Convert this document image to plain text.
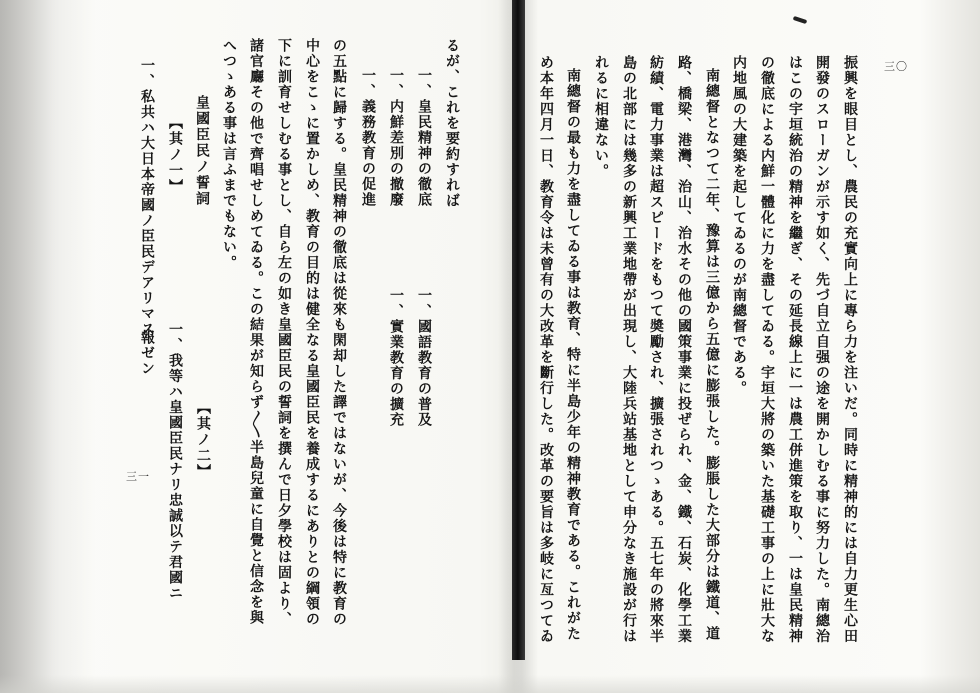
三〇
三一	振興を眼目とし、農民の充實向上に專ら力を注いだ。同時に精神的には自力更生心田
開發のスローガンが示す如く、先づ自立自强の途を開かしむる事に努力した。南總治
はこの宇垣統治の精神を繼ぎ、その延長線上に一は農工併進策を取り、一は皇民精神
の徹底による内鮮一體化に力を盡してゐる。宇垣大將の築いた基礎工事の上に壯大な
内地風の大建築を起してゐるのが南總督である。
南總督となつて二年、豫算は三億から五億に膨張した。膨脹した大部分は鐵道、道
路、橋梁、港灣、治山、治水その他の國策事業に投ぜられ、金、鐵、石炭、化學工業
紡績、電力事業は超スピードをもつて奬勵され、擴張されつゝある。五七年の將來半
島の北部には幾多の新興工業地帶が出現し、大陸兵站基地として申分なき施設が行は
れるに相違ない。
南總督の最も力を盡してゐる事は教育、特に半島少年の精神教育である。これがた
め本年四月一日、教育令は未曾有の大改革を斷行した。改革の要旨は多岐に亙つてゐ
るが、これを要約すれば
一、皇民精神の徹底
一、内鮮差別の撤廢
一、義務教育の促進
一、國語教育の普及
一、實業教育の擴充
の五點に歸する。皇民精神の徹底は從來も閑却した譯ではないが、今後は特に教育の
中心をこゝに置かしめ、教育の目的は健全なる皇國臣民を養成するにありとの綱領の
下に訓育せしむる事とし、自ら左の如き皇國臣民の誓詞を撰んで日夕學校は固より、
諸官廳その他で齊唱せしめてゐる。この結果が知らず〳〵半島兒童に自覺と信念を與
へつゝある事は言ふまでもない。
皇國臣民ノ誓詞
【其ノ一】
一、私共ハ大日本帝國ノ臣民デアリマス
報ゼン
【其ノ二】
一、我等ハ皇國臣民ナリ忠誠以テ君國ニ
